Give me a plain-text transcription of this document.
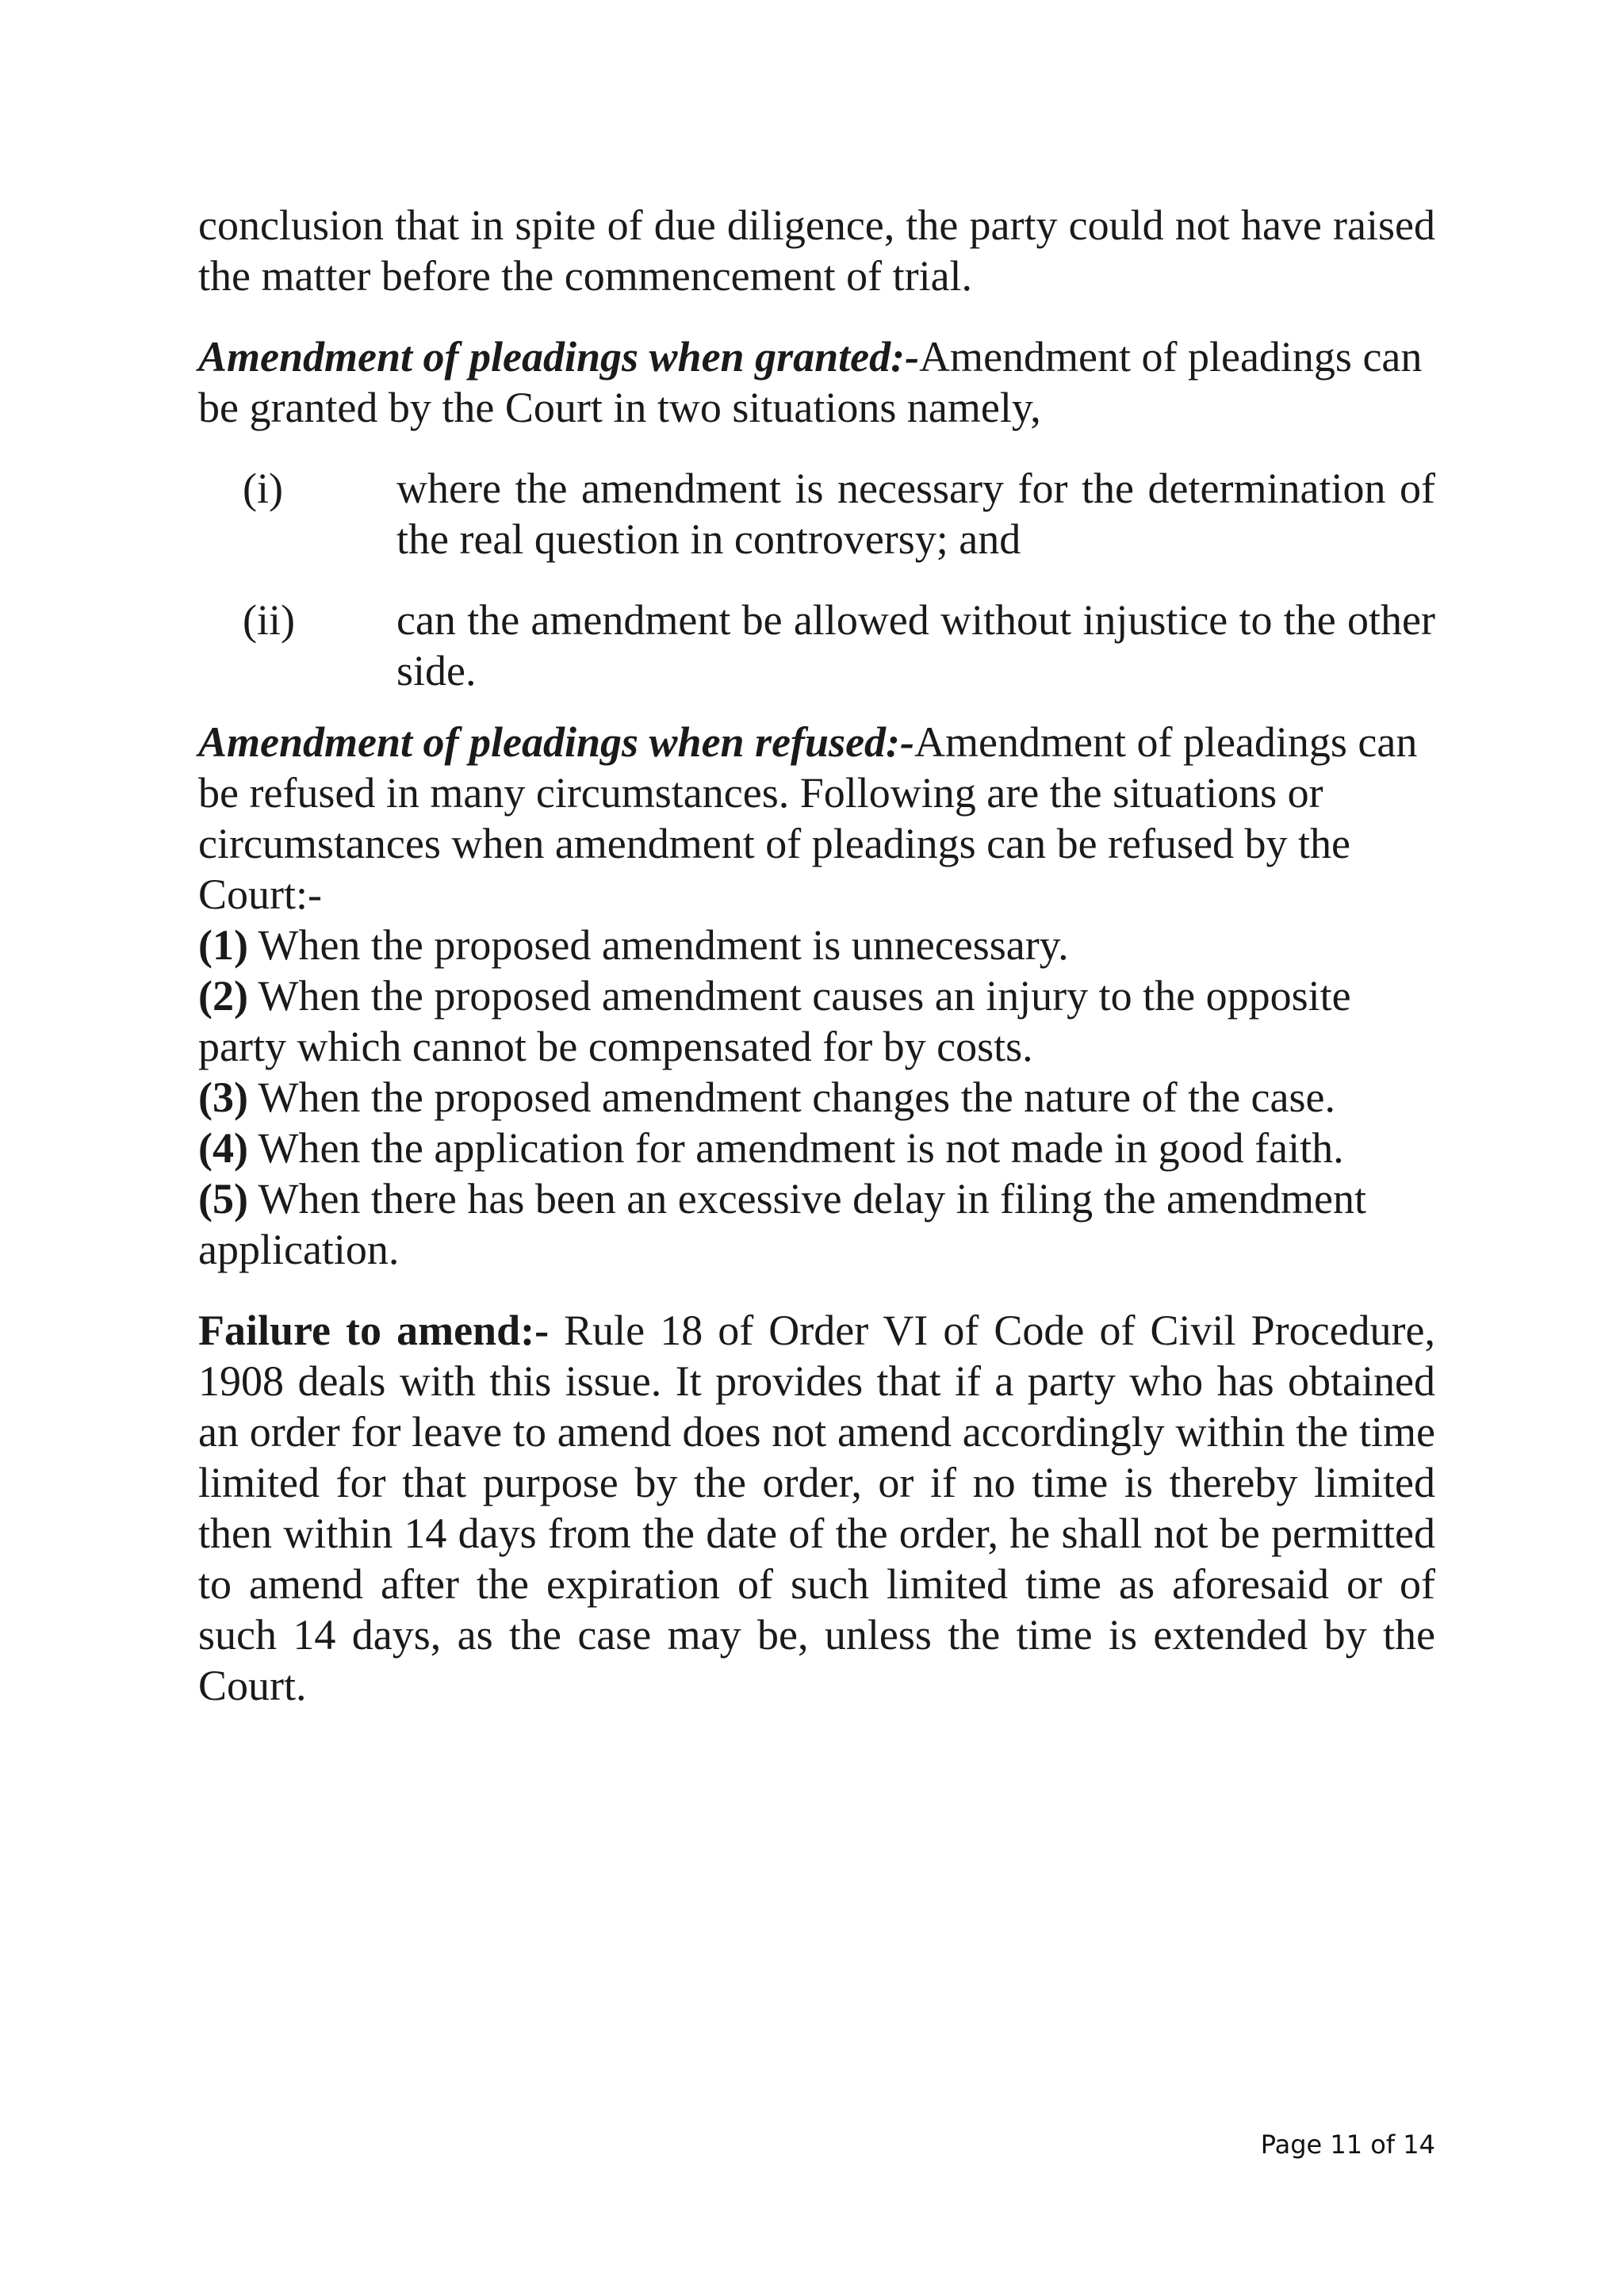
conclusion that in spite of due diligence, the party could not have raised the matter before the commencement of trial.

Amendment of pleadings when granted:-Amendment of pleadings can be granted by the Court in two situations namely,

(i)	where the amendment is necessary for the determination of the real question in controversy; and
(ii)	can the amendment be allowed without injustice to the other side.

Amendment of pleadings when refused:-Amendment of pleadings can be refused in many circumstances. Following are the situations or circumstances when amendment of pleadings can be refused by the Court:-

(1) When the proposed amendment is unnecessary.

(2) When the proposed amendment causes an injury to the opposite party which cannot be compensated for by costs.

(3) When the proposed amendment changes the nature of the case.

(4) When the application for amendment is not made in good faith.

(5) When there has been an excessive delay in filing the amendment application.

Failure to amend:- Rule 18 of Order VI of Code of Civil Procedure, 1908 deals with this issue. It provides that if a party who has obtained an order for leave to amend does not amend accordingly within the time limited for that purpose by the order, or if no time is thereby limited then within 14 days from the date of the order, he shall not be permitted to amend after the expiration of such limited time as aforesaid or of such 14 days, as the case may be, unless the time is extended by the Court.

Page 11 of 14
